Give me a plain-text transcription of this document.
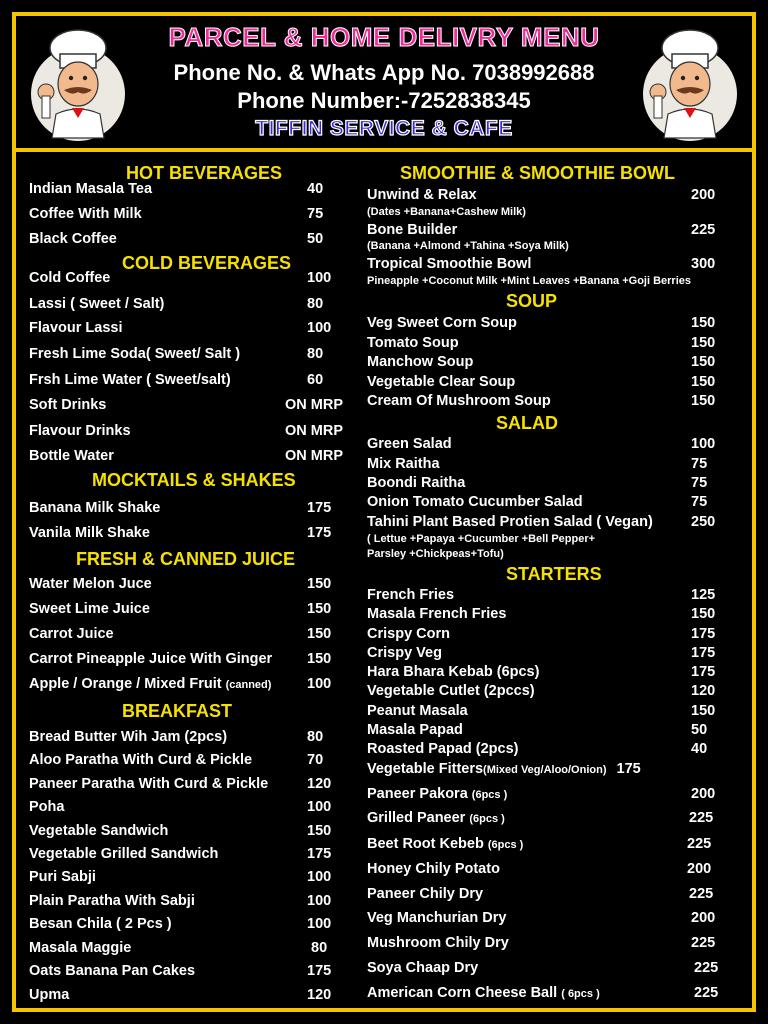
PARCEL & HOME DELIVRY MENU
Phone No. & Whats App No. 7038992688
Phone Number:-7252838345
TIFFIN SERVICE & CAFE
HOT BEVERAGES
Indian Masala Tea	40
Coffee With Milk	75
Black Coffee	50
COLD BEVERAGES
Cold Coffee	100
Lassi ( Sweet / Salt)	80
Flavour Lassi	100
Fresh Lime Soda( Sweet/ Salt )	80
Frsh Lime Water ( Sweet/salt)	60
Soft Drinks	ON MRP
Flavour Drinks	ON MRP
Bottle Water	ON MRP
MOCKTAILS & SHAKES
Banana Milk Shake	175
Vanila Milk Shake	175
FRESH & CANNED JUICE
Water Melon Juce	150
Sweet Lime Juice	150
Carrot Juice	150
Carrot Pineapple Juice With Ginger 150
Apple / Orange / Mixed Fruit (canned) 100
BREAKFAST
Bread Butter Wih Jam (2pcs)	80
Aloo Paratha With Curd & Pickle	70
Paneer Paratha With Curd & Pickle	120
Poha	100
Vegetable Sandwich	150
Vegetable Grilled Sandwich	175
Puri Sabji	100
Plain Paratha With Sabji	100
Besan Chila ( 2 Pcs )	100
Masala Maggie	80
Oats Banana Pan Cakes	175
Upma	120
SMOOTHIE & SMOOTHIE BOWL
Unwind & Relax	200
(Dates +Banana+Cashew Milk)
Bone Builder	225
(Banana +Almond +Tahina +Soya Milk)
Tropical Smoothie Bowl	300
Pineapple +Coconut Milk +Mint Leaves +Banana +Goji Berries
SOUP
Veg Sweet Corn Soup	150
Tomato Soup	150
Manchow Soup	150
Vegetable Clear Soup	150
Cream Of Mushroom Soup	150
SALAD
Green Salad	100
Mix Raitha	75
Boondi Raitha	75
Onion Tomato Cucumber Salad	75
Tahini Plant Based Protien Salad ( Vegan)	250
( Lettue +Papaya +Cucumber +Bell Pepper+
Parsley +Chickpeas+Tofu)
STARTERS
French Fries	125
Masala French Fries	150
Crispy Corn	175
Crispy Veg	175
Hara Bhara Kebab (6pcs)	175
Vegetable Cutlet (2pccs)	120
Peanut Masala	150
Masala Papad	50
Roasted Papad (2pcs)	40
Vegetable Fitters(Mixed Veg/Aloo/Onion) 175
Paneer Pakora (6pcs )	200
Grilled Paneer (6pcs )	225
Beet Root Kebeb (6pcs )	225
Honey Chily Potato	200
Paneer Chily Dry	225
Veg Manchurian Dry	200
Mushroom Chily Dry	225
Soya Chaap Dry	225
American Corn Cheese Ball ( 6pcs )	225
